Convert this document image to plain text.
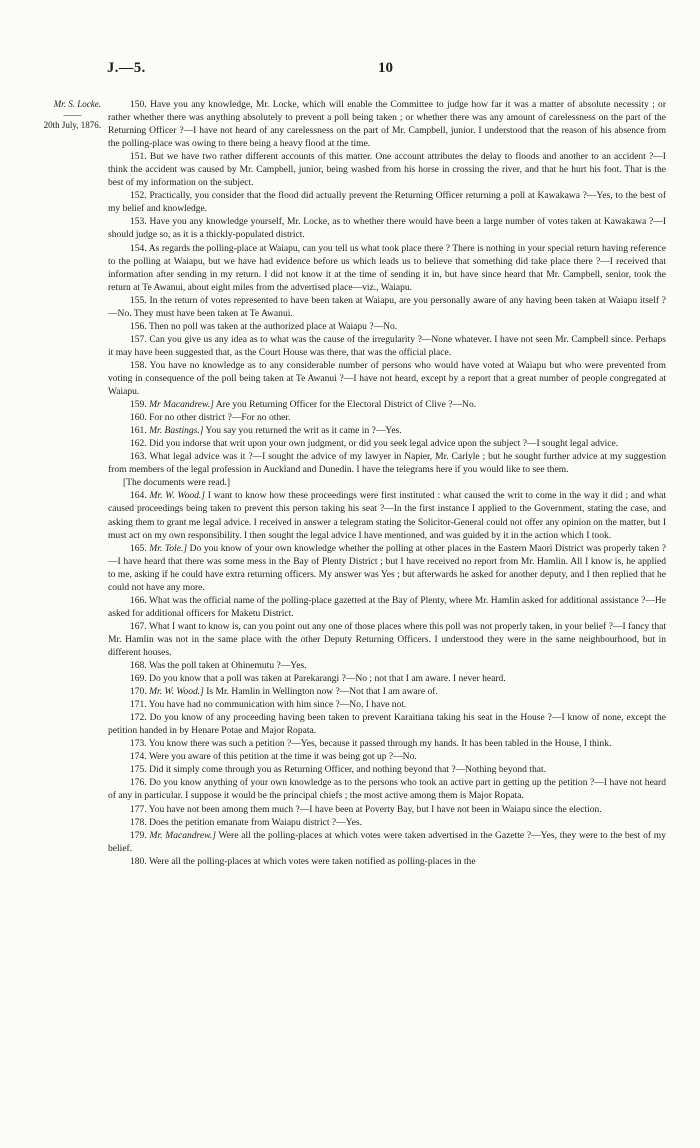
J.—5.	10
Mr. S. Locke.
——
20th July, 1876.

150. Have you any knowledge, Mr. Locke, which will enable the Committee to judge how far it was a matter of absolute necessity ; or rather whether there was anything absolutely to prevent a poll being taken ; or whether there was any amount of carelessness on the part of the Returning Officer ?—I have not heard of any carelessness on the part of Mr. Campbell, junior. I understood that the reason of his absence from the polling-place was owing to there being a heavy flood at the time.

151. But we have two rather different accounts of this matter. One account attributes the delay to floods and another to an accident ?—I think the accident was caused by Mr. Campbell, junior, being washed from his horse in crossing the river, and that he hurt his foot. That is the best of my information on the subject.

152. Practically, you consider that the flood did actually prevent the Returning Officer returning a poll at Kawakawa ?—Yes, to the best of my belief and knowledge.

153. Have you any knowledge yourself, Mr. Locke, as to whether there would have been a large number of votes taken at Kawakawa ?—I should judge so, as it is a thickly-populated district.

154. As regards the polling-place at Waiapu, can you tell us what took place there ? There is nothing in your special return having reference to the polling at Waiapu, but we have had evidence before us which leads us to believe that something did take place there ?—I received that information after sending in my return. I did not know it at the time of sending it in, but have since heard that Mr. Campbell, senior, took the return at Te Awanui, about eight miles from the advertised place—viz., Waiapu.

155. In the return of votes represented to have been taken at Waiapu, are you personally aware of any having been taken at Waiapu itself ?—No. They must have been taken at Te Awanui.

156. Then no poll was taken at the authorized place at Waiapu ?—No.

157. Can you give us any idea as to what was the cause of the irregularity ?—None whatever. I have not seen Mr. Campbell since. Perhaps it may have been suggested that, as the Court House was there, that was the official place.

158. You have no knowledge as to any considerable number of persons who would have voted at Waiapu but who were prevented from voting in consequence of the poll being taken at Te Awanui ?—I have not heard, except by a report that a great number of people congregated at Waiapu.

159. Mr Macandrew.] Are you Returning Officer for the Electoral District of Clive ?—No.

160. For no other district ?—For no other.

161. Mr. Bastings.] You say you returned the writ as it came in ?—Yes.

162. Did you indorse that writ upon your own judgment, or did you seek legal advice upon the subject ?—I sought legal advice.

163. What legal advice was it ?—I sought the advice of my lawyer in Napier, Mr. Carlyle ; but he sought further advice at my suggestion from members of the legal profession in Auckland and Dunedin. I have the telegrams here if you would like to see them.

[The documents were read.]

164. Mr. W. Wood.] I want to know how these proceedings were first instituted : what caused the writ to come in the way it did ; and what caused proceedings being taken to prevent this person taking his seat ?—In the first instance I applied to the Government, stating the case, and asking them to grant me legal advice. I received in answer a telegram stating the Solicitor-General could not offer any opinion on the matter, but I must act on my own responsibility. I then sought the legal advice I have mentioned, and was guided by it in the action which I took.

165. Mr. Tole.] Do you know of your own knowledge whether the polling at other places in the Eastern Maori District was properly taken ?—I have heard that there was some mess in the Bay of Plenty District ; but I have received no report from Mr. Hamlin. All I know is, he applied to me, asking if he could have extra returning officers. My answer was Yes ; but afterwards he asked for another deputy, and I then replied that he could not have any more.

166. What was the official name of the polling-place gazetted at the Bay of Plenty, where Mr. Hamlin asked for additional assistance ?—He asked for additional officers for Maketu District.

167. What I want to know is, can you point out any one of those places where this poll was not properly taken, in your belief ?—I fancy that Mr. Hamlin was not in the same place with the other Deputy Returning Officers. I understood they were in the same neighbourhood, but in different houses.

168. Was the poll taken at Ohinemutu ?—Yes.

169. Do you know that a poll was taken at Parekarangi ?—No ; not that I am aware. I never heard.

170. Mr. W. Wood.] Is Mr. Hamlin in Wellington now ?—Not that I am aware of.

171. You have had no communication with him since ?—No, I have not.

172. Do you know of any proceeding having been taken to prevent Karaitiana taking his seat in the House ?—I know of none, except the petition handed in by Henare Potae and Major Ropata.

173. You know there was such a petition ?—Yes, because it passed through my hands. It has been tabled in the House, I think.

174. Were you aware of this petition at the time it was being got up ?—No.

175. Did it simply come through you as Returning Officer, and nothing beyond that ?—Nothing beyond that.

176. Do you know anything of your own knowledge as to the persons who took an active part in getting up the petition ?—I have not heard of any in particular. I suppose it would be the principal chiefs ; the most active among them is Major Ropata.

177. You have not been among them much ?—I have been at Poverty Bay, but I have not been in Waiapu since the election.

178. Does the petition emanate from Waiapu district ?—Yes.

179. Mr. Macandrew.] Were all the polling-places at which votes were taken advertised in the Gazette ?—Yes, they were to the best of my belief.

180. Were all the polling-places at which votes were taken notified as polling-places in the
